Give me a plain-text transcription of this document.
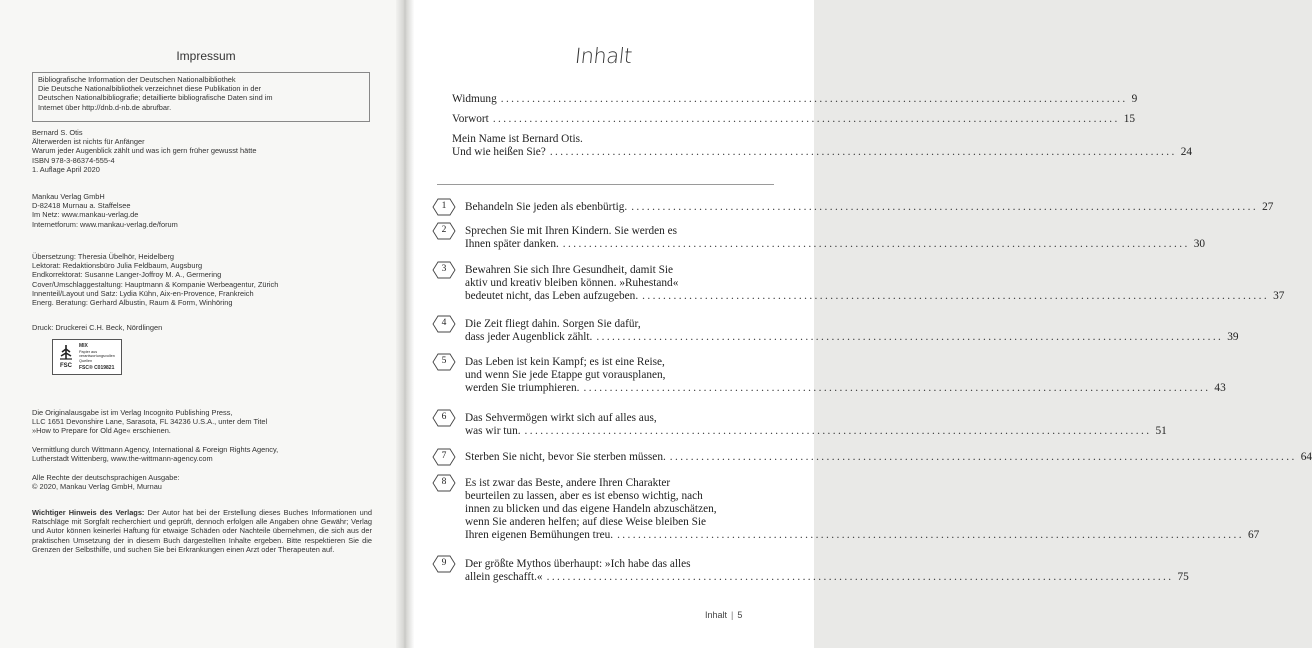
Impressum

Bibliografische Information der Deutschen Nationalbibliothek

Die Deutsche Nationalbibliothek verzeichnet diese Publikation in der

Deutschen Nationalbibliografie; detaillierte bibliografische Daten sind im

Internet über http://dnb.d-nb.de abrufbar.

Bernard S. Otis

Älterwerden ist nichts für Anfänger

Warum jeder Augenblick zählt und was ich gern früher gewusst hätte

ISBN 978-3-86374-555-4

1. Auflage April 2020

Mankau Verlag GmbH

D-82418 Murnau a. Staffelsee

Im Netz: www.mankau-verlag.de

Internetforum: www.mankau-verlag.de/forum

Übersetzung: Theresia Übelhör, Heidelberg

Lektorat: Redaktionsbüro Julia Feldbaum, Augsburg

Endkorrektorat: Susanne Langer-Joffroy M. A., Germering

Cover/Umschlaggestaltung: Hauptmann & Kompanie Werbeagentur, Zürich

Innenteil/Layout und Satz: Lydia Kühn, Aix-en-Provence, Frankreich

Energ. Beratung: Gerhard Albustin, Raum & Form, Winhöring

Druck: Druckerei C.H. Beck, Nördlingen

FSC
MIX
Papier aus verantwortungsvollen Quellen
FSC® C019821

Die Originalausgabe ist im Verlag Incognito Publishing Press,

LLC 1651 Devonshire Lane, Sarasota, FL 34236 U.S.A., unter dem Titel

»How to Prepare for Old Age« erschienen.

Vermittlung durch Wittmann Agency, International & Foreign Rights Agency,

Lutherstadt Wittenberg, www.the-wittmann-agency.com

Alle Rechte der deutschsprachigen Ausgabe:

© 2020, Mankau Verlag GmbH, Murnau

Wichtiger Hinweis des Verlags: Der Autor hat bei der Erstellung dieses Buches Informationen und Ratschläge mit Sorgfalt recherchiert und geprüft, dennoch erfolgen alle Angaben ohne Gewähr; Verlag und Autor können keinerlei Haftung für etwaige Schäden oder Nachteile übernehmen, die sich aus der praktischen Umsetzung der in diesem Buch dargestellten Inhalte ergeben. Bitte respektieren Sie die Grenzen der Selbsthilfe, und suchen Sie bei Erkrankungen einen Arzt oder Therapeuten auf.
Inhalt
Widmung ........................................................................................................................ 9
Vorwort ........................................................................................................................ 15
Mein Name ist Bernard Otis.
Und wie heißen Sie? ........................................................................................................................ 24
Behandeln Sie jeden als ebenbürtig. ........................................................................................................................ 27
1
Sprechen Sie mit Ihren Kindern. Sie werden es
Ihnen später danken. ........................................................................................................................ 30
2
Bewahren Sie sich Ihre Gesundheit, damit Sie
aktiv und kreativ bleiben können. »Ruhestand«
bedeutet nicht, das Leben aufzugeben. ........................................................................................................................ 37
3
Die Zeit fliegt dahin. Sorgen Sie dafür,
dass jeder Augenblick zählt. ........................................................................................................................ 39
4
Das Leben ist kein Kampf; es ist eine Reise,
und wenn Sie jede Etappe gut vorausplanen,
werden Sie triumphieren. ........................................................................................................................ 43
5
Das Sehvermögen wirkt sich auf alles aus,
was wir tun. ........................................................................................................................ 51
6
Sterben Sie nicht, bevor Sie sterben müssen. ........................................................................................................................ 64
7
Es ist zwar das Beste, andere Ihren Charakter
beurteilen zu lassen, aber es ist ebenso wichtig, nach
innen zu blicken und das eigene Handeln abzuschätzen,
wenn Sie anderen helfen; auf diese Weise bleiben Sie
Ihren eigenen Bemühungen treu. ........................................................................................................................ 67
8
Der größte Mythos überhaupt: »Ich habe das alles
allein geschafft.« ........................................................................................................................ 75
9
Inhalt | 5
